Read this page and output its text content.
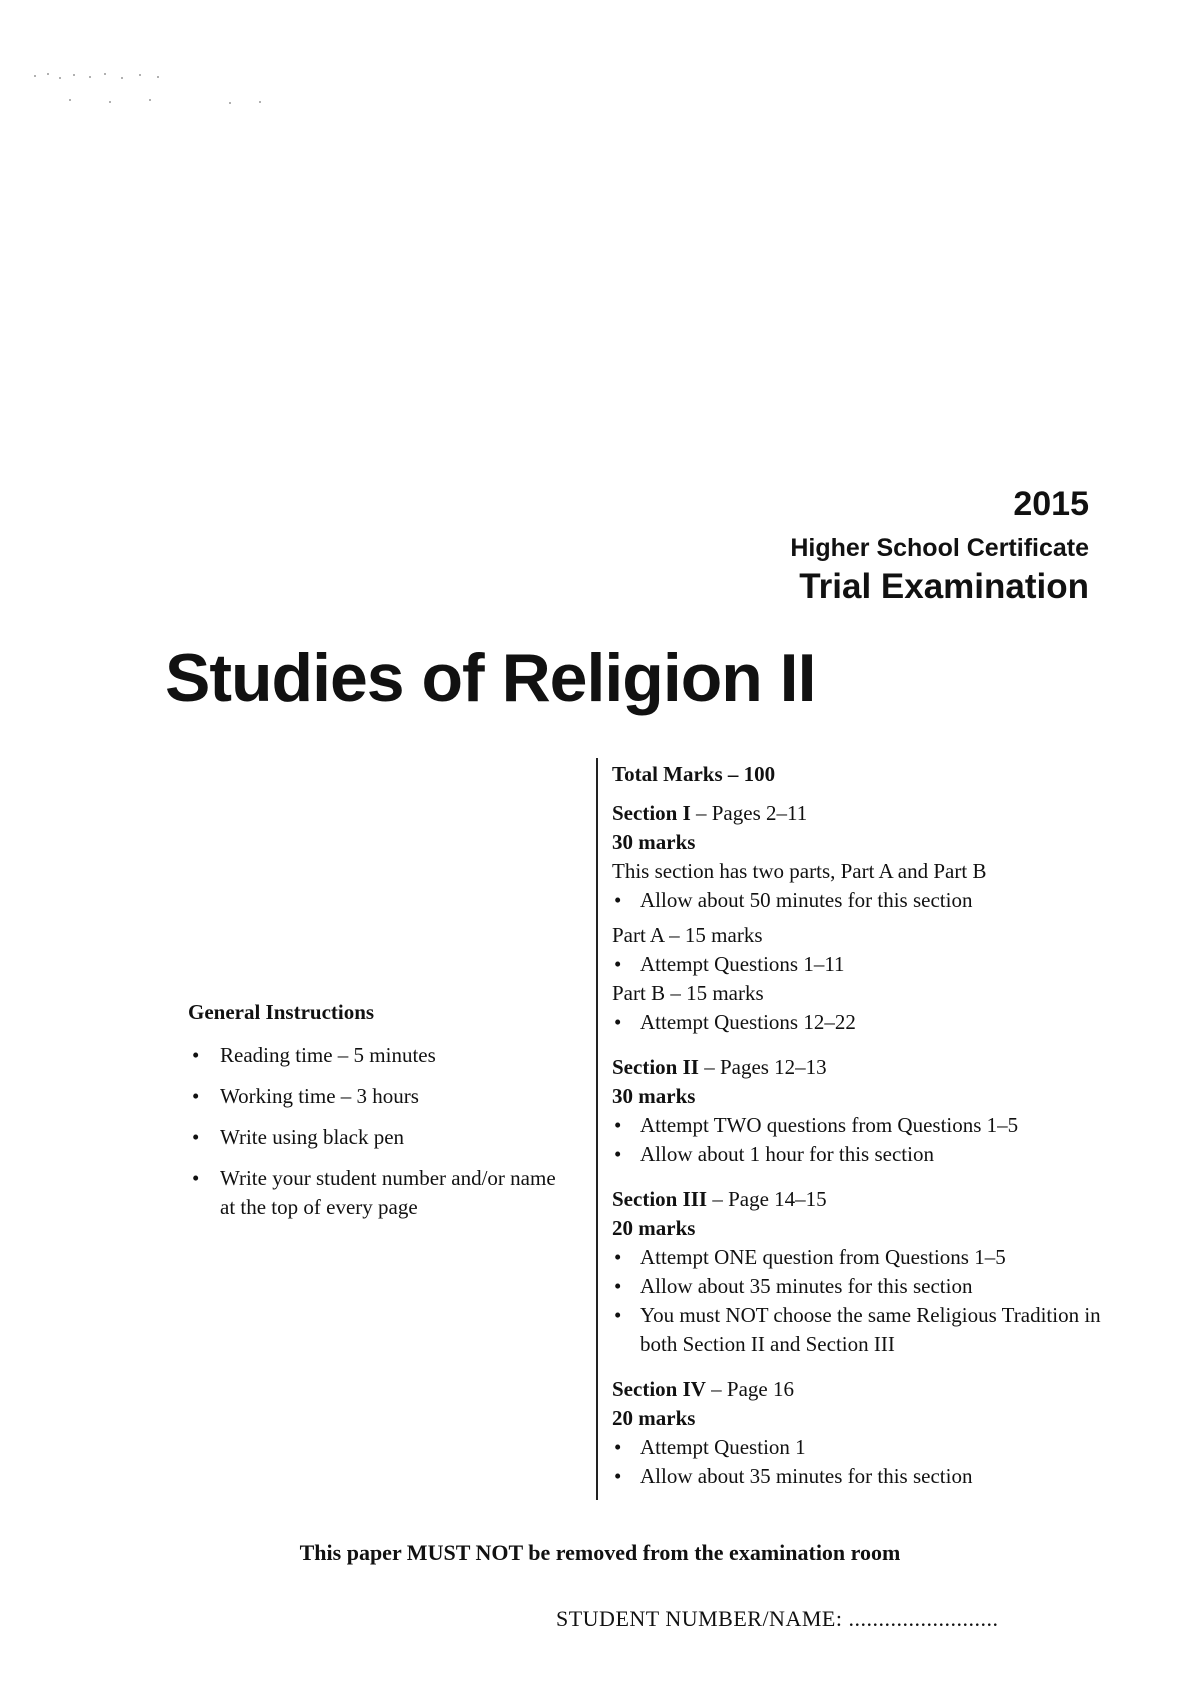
2015
Higher School Certificate
Trial Examination
Studies of Religion II
Total Marks – 100
Section I – Pages 2–11
30 marks
This section has two parts, Part A and Part B
• Allow about 50 minutes for this section
Part A – 15 marks
• Attempt Questions 1–11
Part B – 15 marks
• Attempt Questions 12–22
Section II – Pages 12–13
30 marks
• Attempt TWO questions from Questions 1–5
• Allow about 1 hour for this section
Section III – Page 14–15
20 marks
• Attempt ONE question from Questions 1–5
• Allow about 35 minutes for this section
• You must NOT choose the same Religious Tradition in both Section II and Section III
Section IV – Page 16
20 marks
• Attempt Question 1
• Allow about 35 minutes for this section
General Instructions
• Reading time – 5 minutes
• Working time – 3 hours
• Write using black pen
• Write your student number and/or name at the top of every page
This paper MUST NOT be removed from the examination room
STUDENT NUMBER/NAME: .........................
